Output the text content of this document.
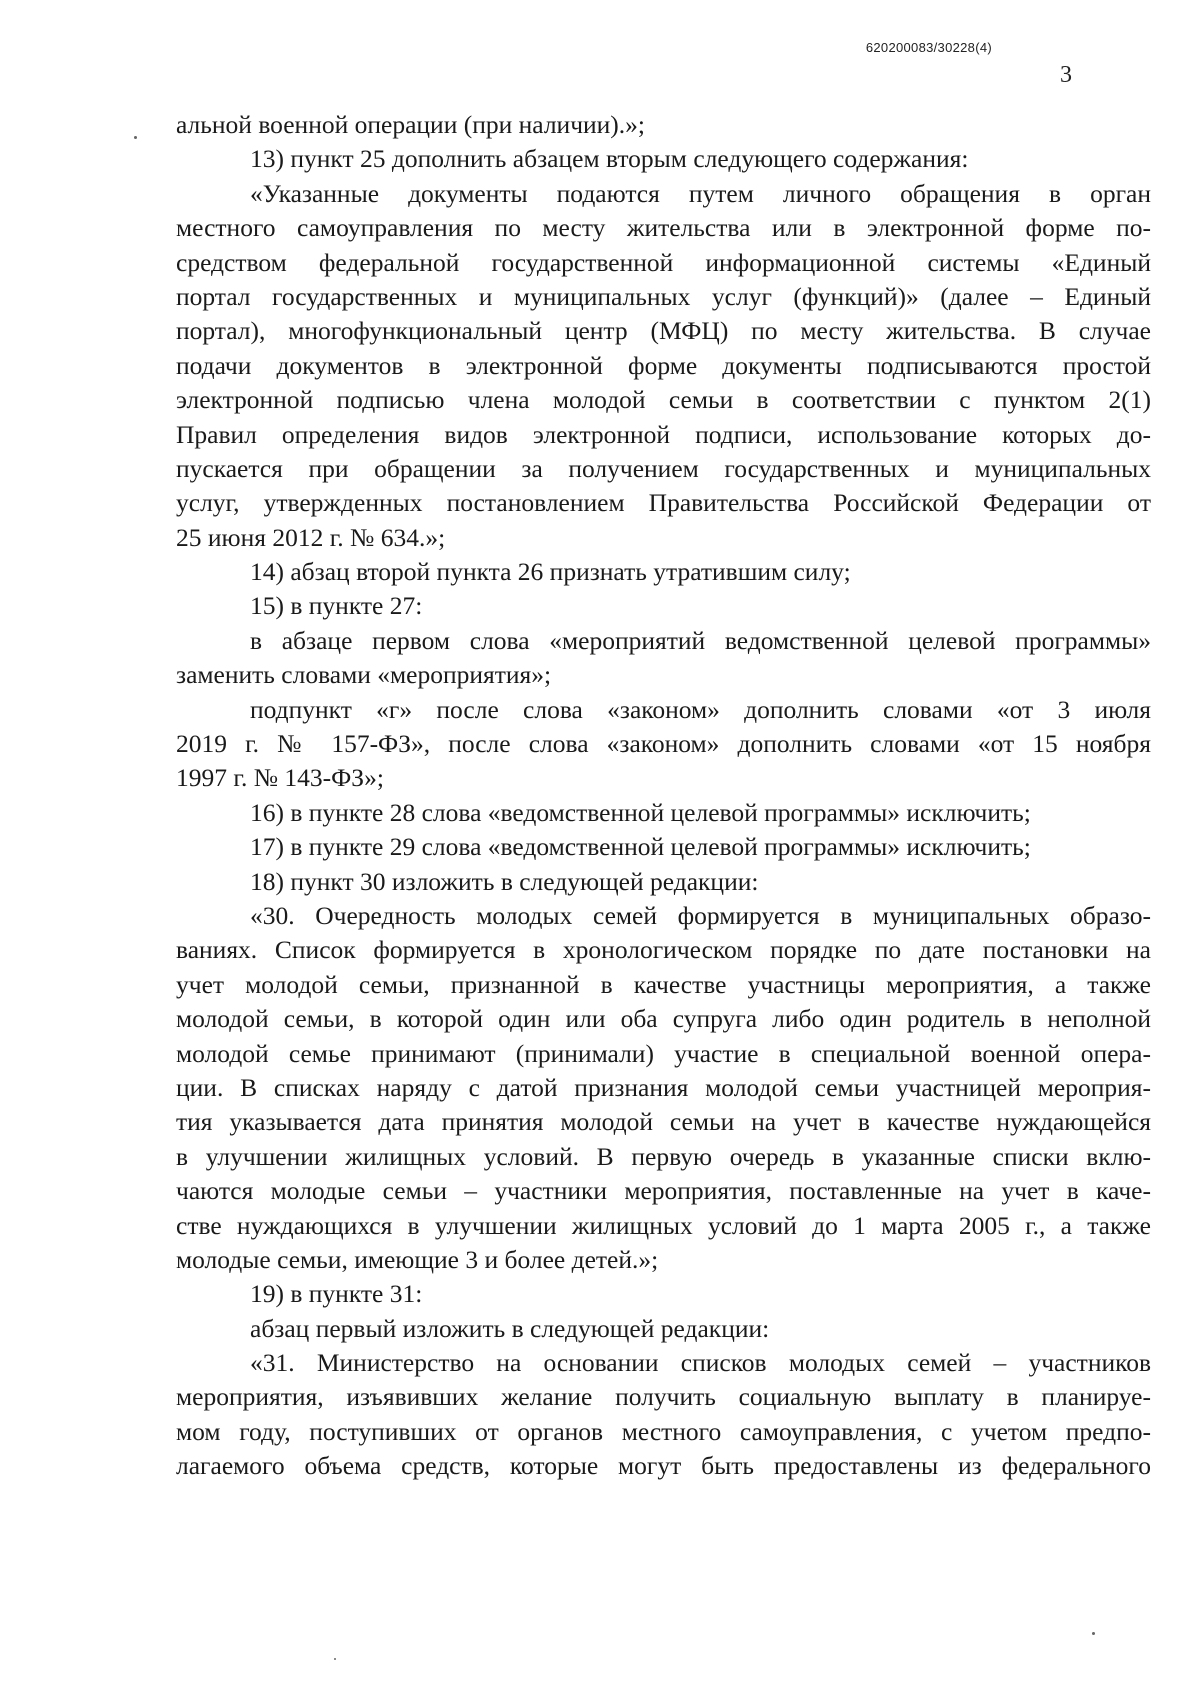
620200083/30228(4)
3
альной военной операции (при наличии).»;
13) пункт 25 дополнить абзацем вторым следующего содержания:
«Указанные документы подаются путем личного обращения в орган
местного самоуправления по месту жительства или в электронной форме по-
средством федеральной государственной информационной системы «Единый
портал государственных и муниципальных услуг (функций)» (далее – Единый
портал), многофункциональный центр (МФЦ) по месту жительства. В случае
подачи документов в электронной форме документы подписываются простой
электронной подписью члена молодой семьи в соответствии с пунктом 2(1)
Правил определения видов электронной подписи, использование которых до-
пускается при обращении за получением государственных и муниципальных
услуг, утвержденных постановлением Правительства Российской Федерации от
25 июня 2012 г. № 634.»;
14) абзац второй пункта 26 признать утратившим силу;
15) в пункте 27:
в абзаце первом слова «мероприятий ведомственной целевой программы»
заменить словами «мероприятия»;
подпункт «г» после слова «законом» дополнить словами «от 3 июля
2019 г. № 157-ФЗ», после слова «законом» дополнить словами «от 15 ноября
1997 г. № 143-ФЗ»;
16) в пункте 28 слова «ведомственной целевой программы» исключить;
17) в пункте 29 слова «ведомственной целевой программы» исключить;
18) пункт 30 изложить в следующей редакции:
«30. Очередность молодых семей формируется в муниципальных образо-
ваниях. Список формируется в хронологическом порядке по дате постановки на
учет молодой семьи, признанной в качестве участницы мероприятия, а также
молодой семьи, в которой один или оба супруга либо один родитель в неполной
молодой семье принимают (принимали) участие в специальной военной опера-
ции. В списках наряду с датой признания молодой семьи участницей мероприя-
тия указывается дата принятия молодой семьи на учет в качестве нуждающейся
в улучшении жилищных условий. В первую очередь в указанные списки вклю-
чаются молодые семьи – участники мероприятия, поставленные на учет в каче-
стве нуждающихся в улучшении жилищных условий до 1 марта 2005 г., а также
молодые семьи, имеющие 3 и более детей.»;
19) в пункте 31:
абзац первый изложить в следующей редакции:
«31. Министерство на основании списков молодых семей – участников
мероприятия, изъявивших желание получить социальную выплату в планируе-
мом году, поступивших от органов местного самоуправления, с учетом предпо-
лагаемого объема средств, которые могут быть предоставлены из федерального
